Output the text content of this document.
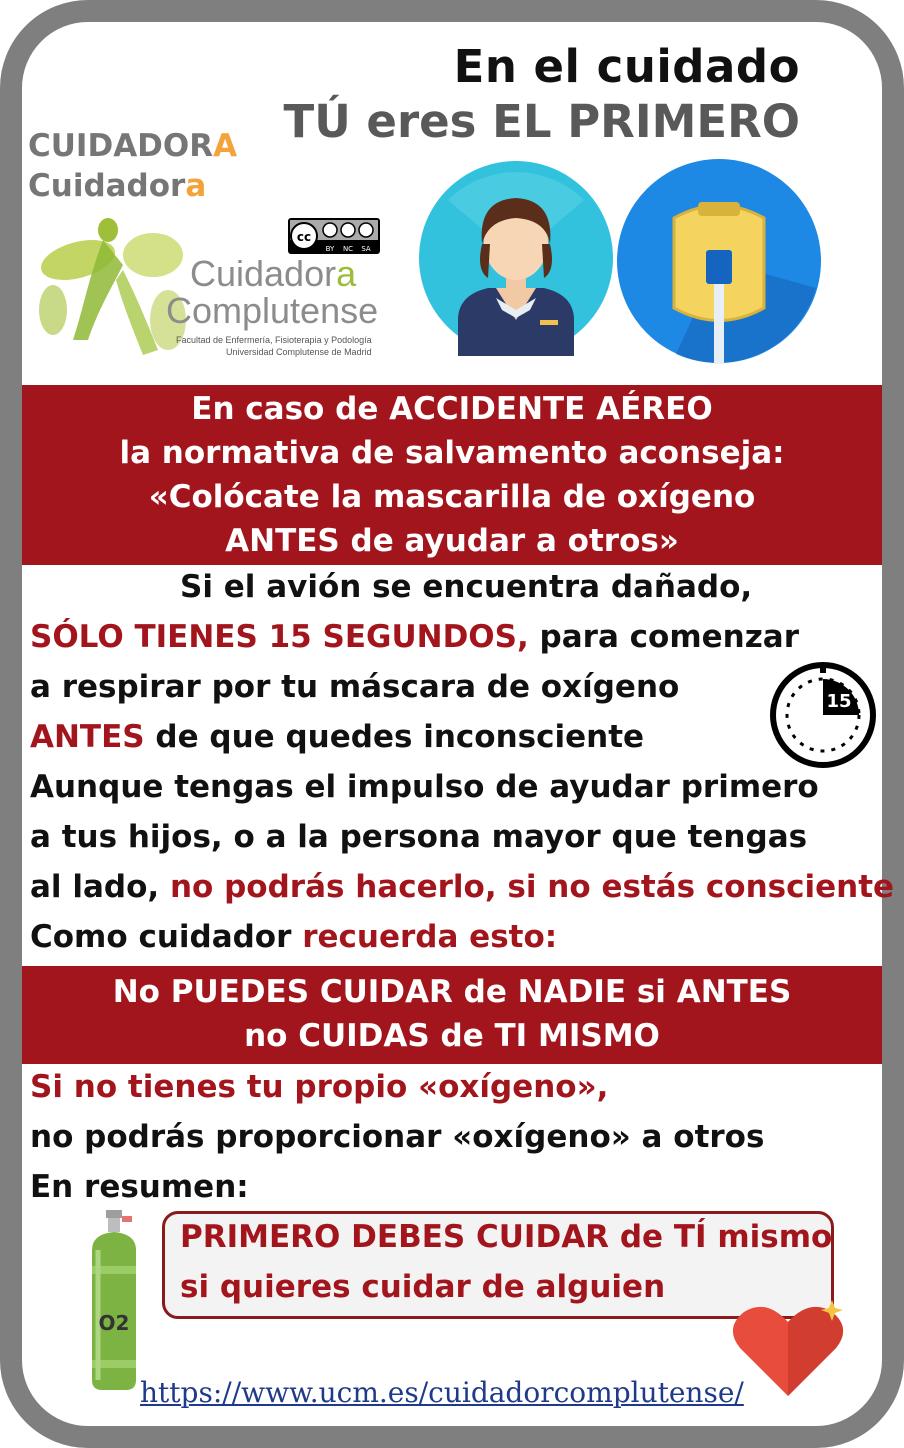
En el cuidado
TÚ eres EL PRIMERO
CUIDADORA
Cuidadora
cc
BY NC SA
Cuidadora
Complutense
Facultad de Enfermería, Fisioterapia y Podología
Universidad Complutense de Madrid
En caso de ACCIDENTE AÉREO
la normativa de salvamento aconseja:
«Colócate la mascarilla de oxígeno
ANTES de ayudar a otros»
Si el avión se encuentra dañado,
SÓLO TIENES 15 SEGUNDOS, para comenzar
a respirar por tu máscara de oxígeno
ANTES de que quedes inconsciente
Aunque tengas el impulso de ayudar primero
a tus hijos, o a la persona mayor que tengas
al lado, no podrás hacerlo, si no estás consciente
Como cuidador recuerda esto:
15
No PUEDES CUIDAR de NADIE si ANTES
no CUIDAS de TI MISMO
Si no tienes tu propio «oxígeno»,
no podrás proporcionar «oxígeno» a otros
En resumen:
O2
PRIMERO DEBES CUIDAR de TÍ mismo
si quieres cuidar de alguien
https://www.ucm.es/cuidadorcomplutense/
